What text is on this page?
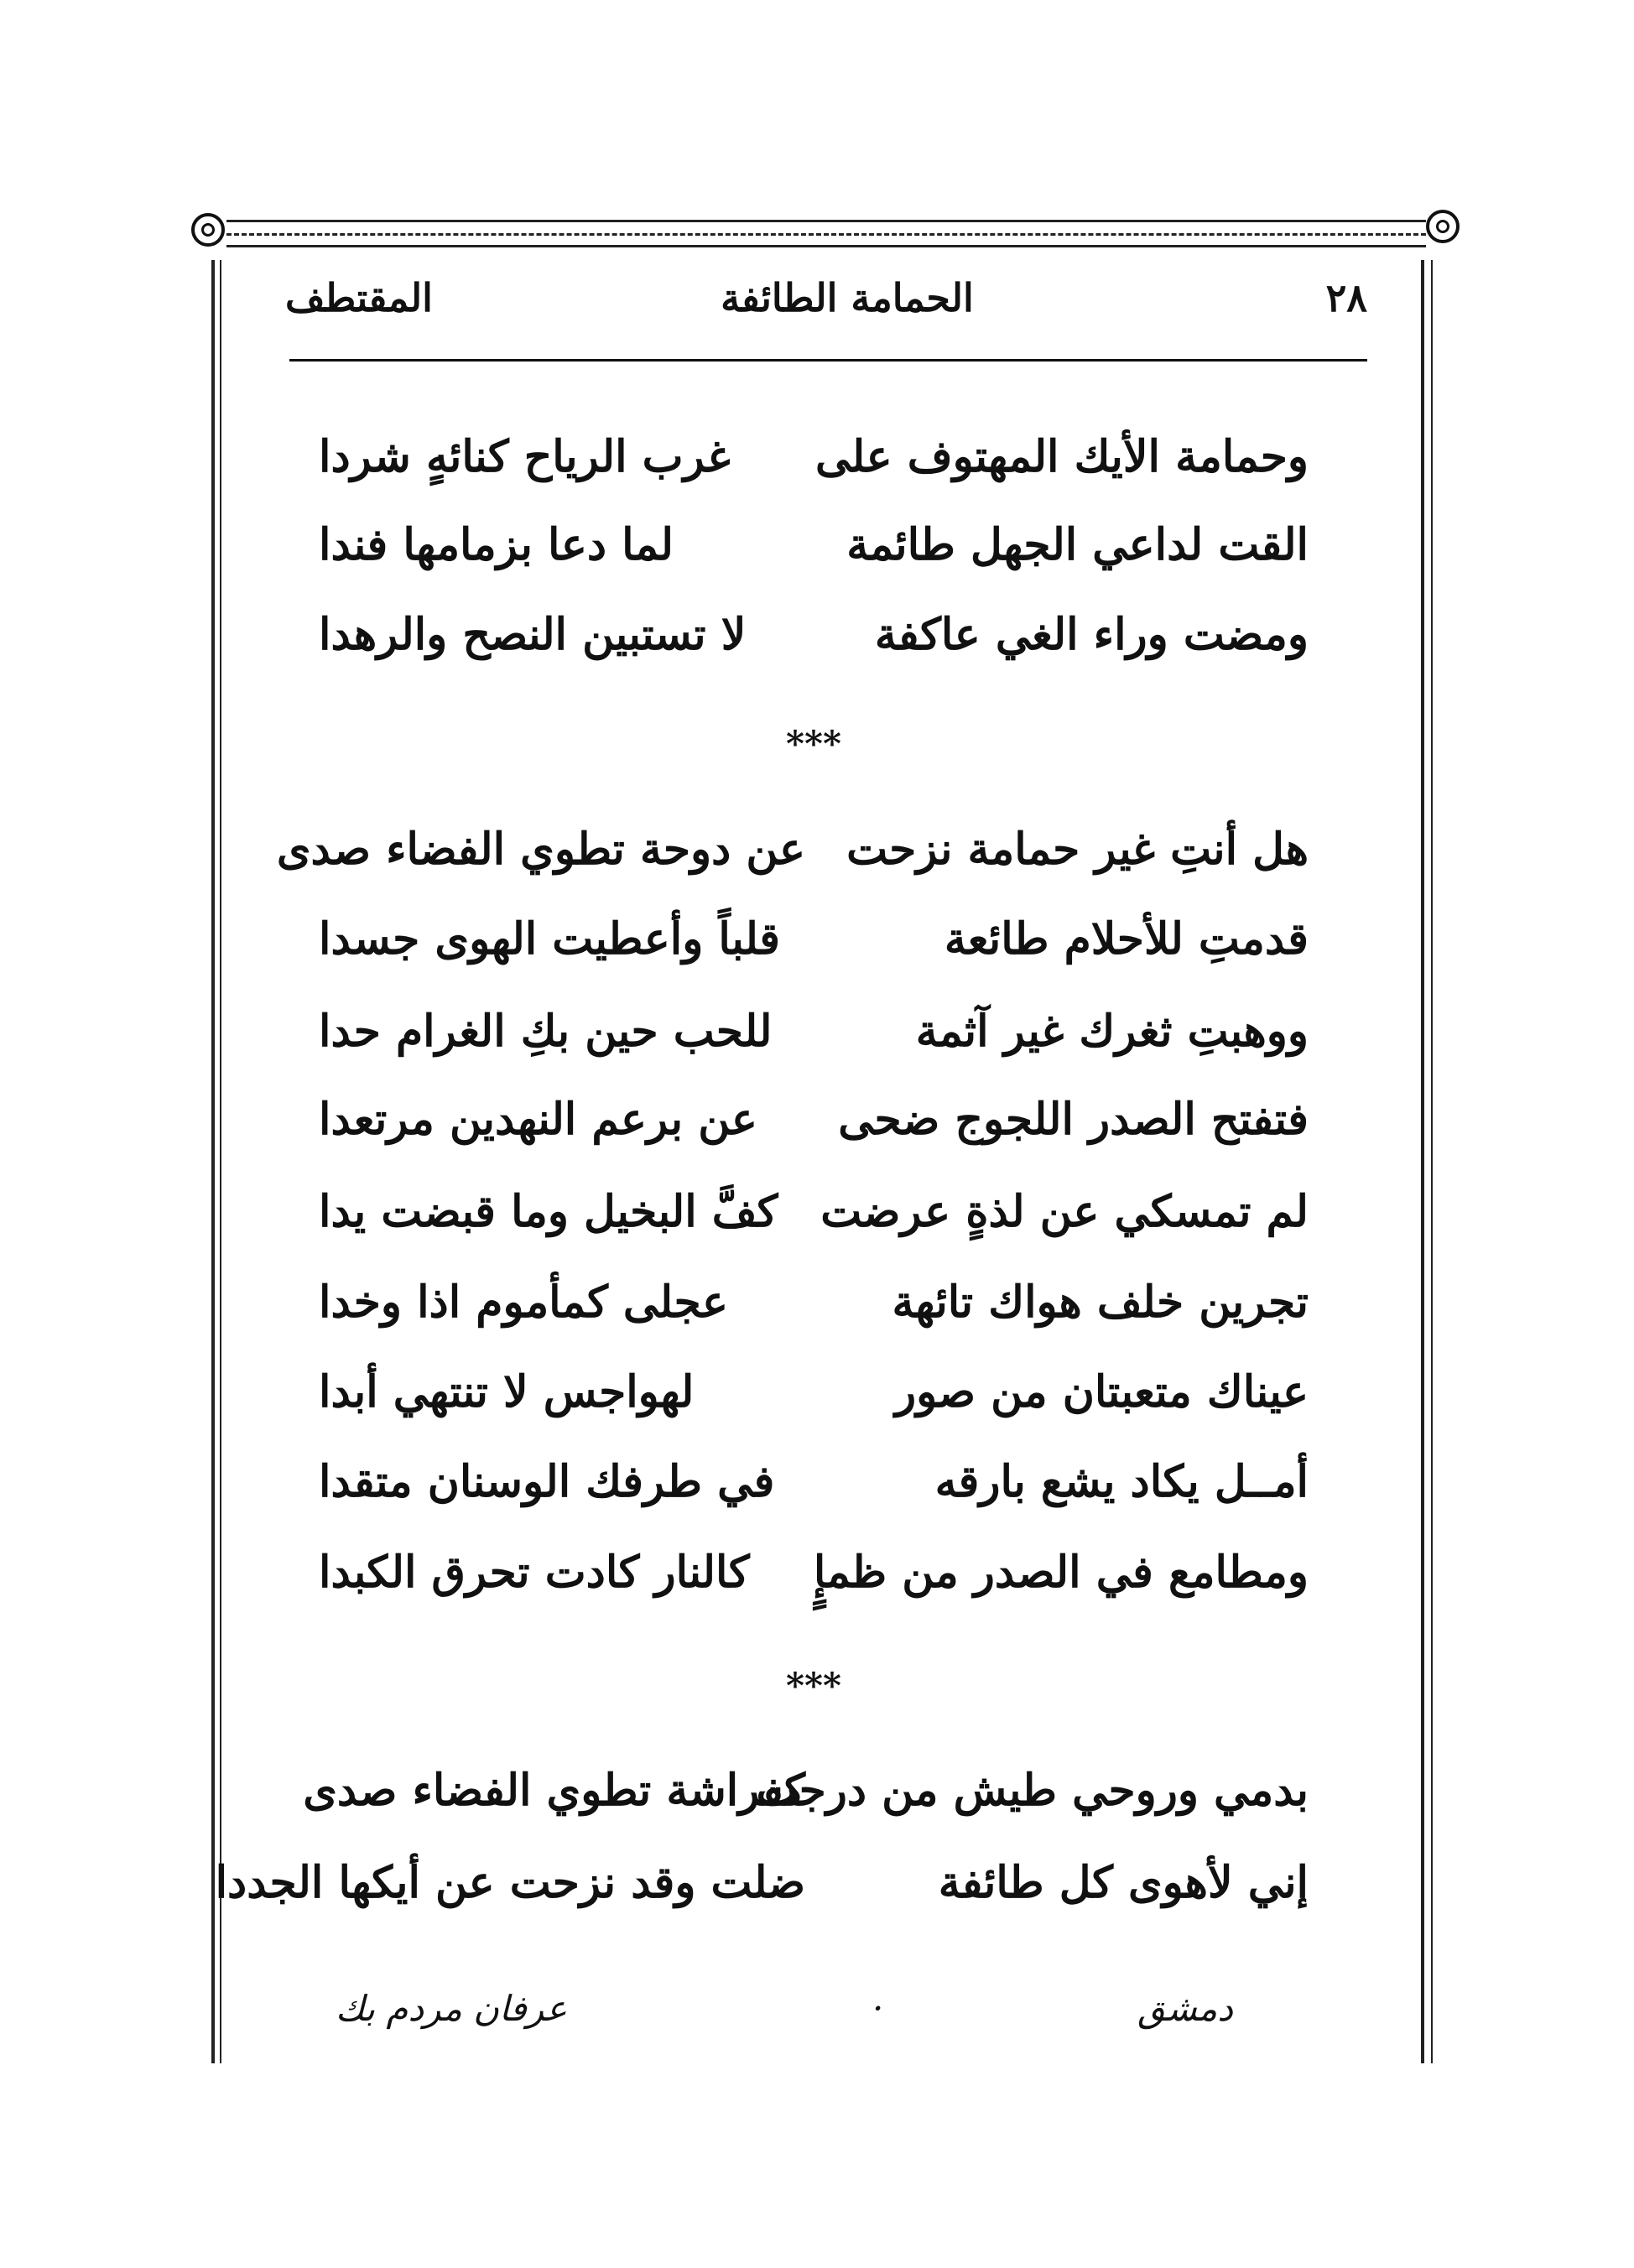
٢٨
الحمامة الطائفة
المقتطف
وحمامة الأيك المهتوف على
غرب الرياح كنائهٍ شردا
القت لداعي الجهل طائمة
لما دعا بزمامها فندا
ومضت وراء الغي عاكفة
لا تستبين النصح والرهدا
***
هل أنتِ غير حمامة نزحت
عن دوحة تطوي الفضاء صدى
قدمتِ للأحلام طائعة
قلباً وأعطيت الهوى جسدا
ووهبتِ ثغرك غير آثمة
للحب حين بكِ الغرام حدا
فتفتح الصدر اللجوج ضحى
عن برعم النهدين مرتعدا
لم تمسكي عن لذةٍ عرضت
كفَّ البخيل وما قبضت يدا
تجرين خلف هواك تائهة
عجلى كمأموم اذا وخدا
عيناك متعبتان من صور
لهواجس لا تنتهي أبدا
أمــل يكاد يشع بارقه
في طرفك الوسنان متقدا
ومطامع في الصدر من ظمإٍ
كالنار كادت تحرق الكبدا
***
بدمي وروحي طيش من درجت
كفراشة تطوي الفضاء صدى
إني لأهوى كل طائفة
ضلت وقد نزحت عن أيكها الجددا
دمشق
·
عرفان مردم بك
